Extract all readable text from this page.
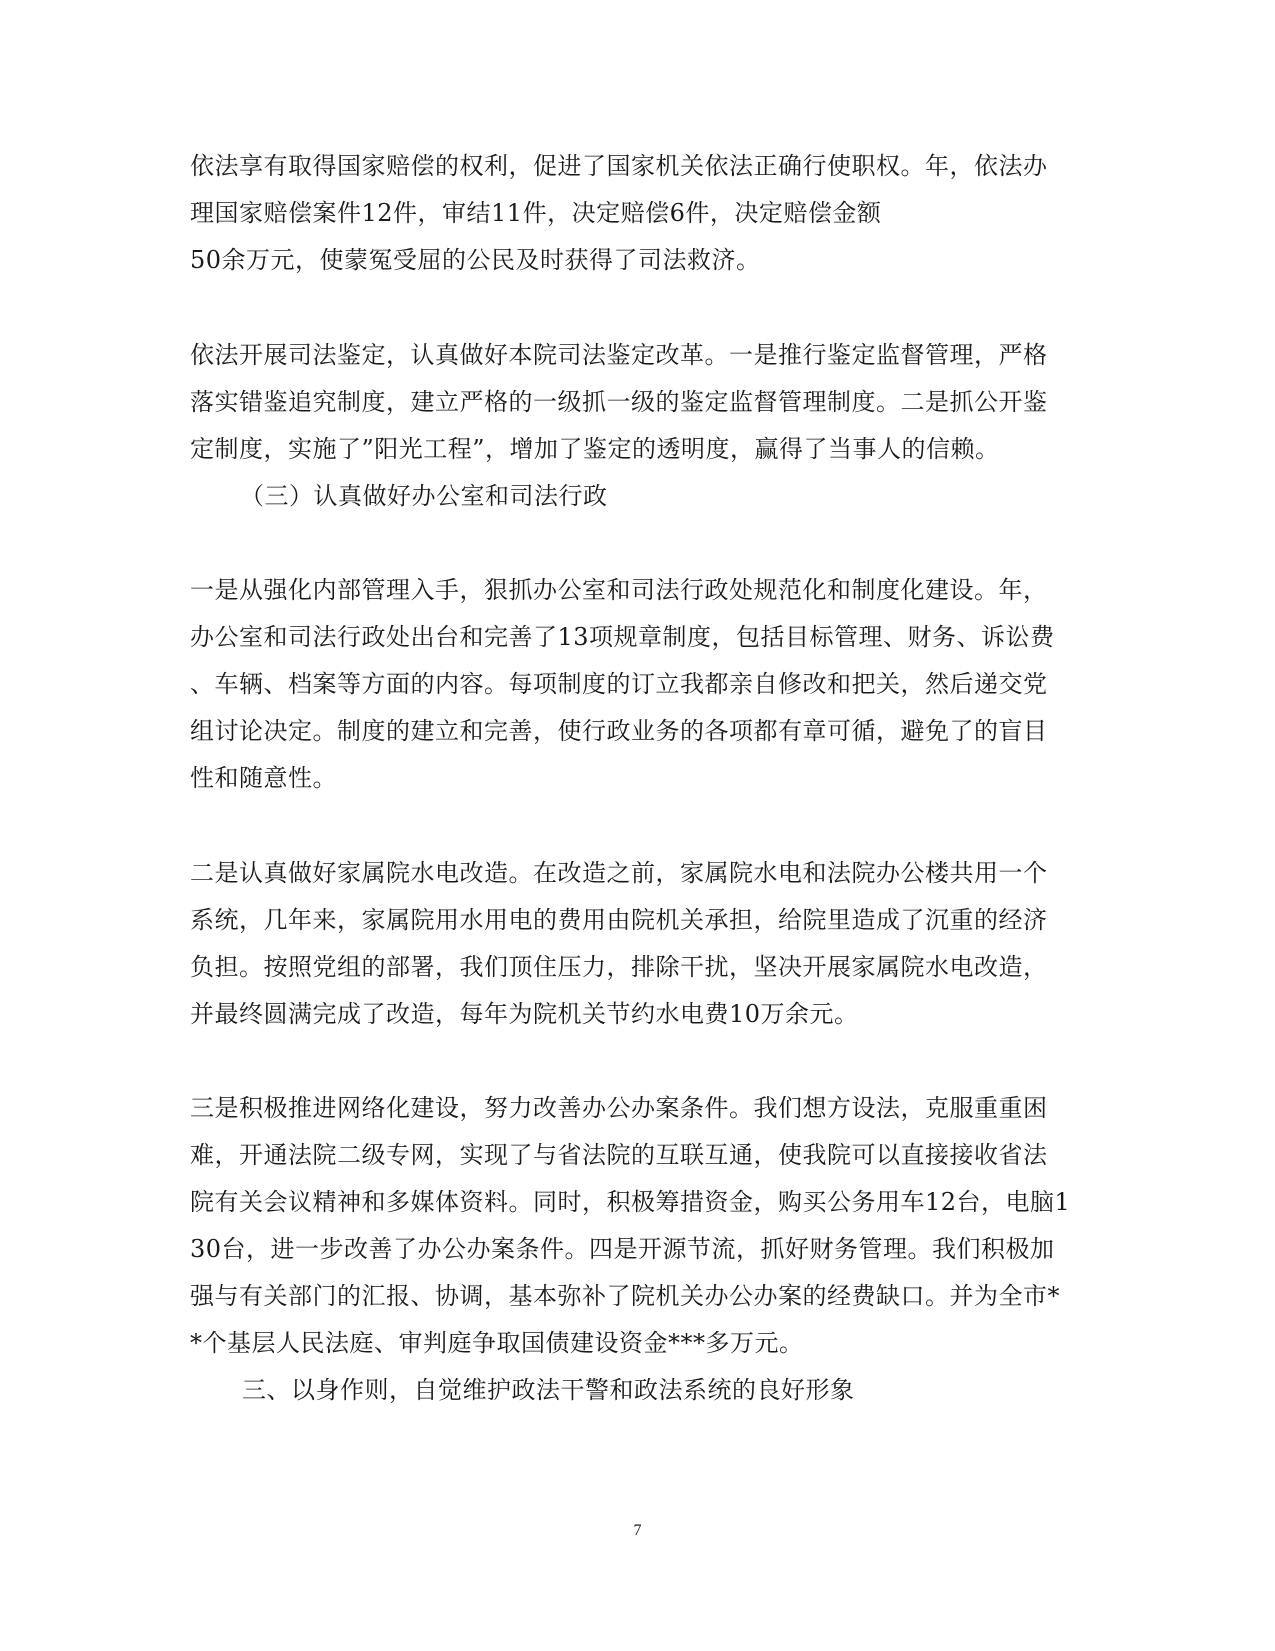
依法享有取得国家赔偿的权利，促进了国家机关依法正确行使职权。年，依法办
理国家赔偿案件12件，审结11件，决定赔偿6件，决定赔偿金额
50余万元，使蒙冤受屈的公民及时获得了司法救济。
依法开展司法鉴定，认真做好本院司法鉴定改革。一是推行鉴定监督管理，严格
落实错鉴追究制度，建立严格的一级抓一级的鉴定监督管理制度。二是抓公开鉴
定制度，实施了”阳光工程”，增加了鉴定的透明度，赢得了当事人的信赖。
（三）认真做好办公室和司法行政
一是从强化内部管理入手，狠抓办公室和司法行政处规范化和制度化建设。年，
办公室和司法行政处出台和完善了13项规章制度，包括目标管理、财务、诉讼费
、车辆、档案等方面的内容。每项制度的订立我都亲自修改和把关，然后递交党
组讨论决定。制度的建立和完善，使行政业务的各项都有章可循，避免了的盲目
性和随意性。
二是认真做好家属院水电改造。在改造之前，家属院水电和法院办公楼共用一个
系统，几年来，家属院用水用电的费用由院机关承担，给院里造成了沉重的经济
负担。按照党组的部署，我们顶住压力，排除干扰，坚决开展家属院水电改造，
并最终圆满完成了改造，每年为院机关节约水电费10万余元。
三是积极推进网络化建设，努力改善办公办案条件。我们想方设法，克服重重困
难，开通法院二级专网，实现了与省法院的互联互通，使我院可以直接接收省法
院有关会议精神和多媒体资料。同时，积极筹措资金，购买公务用车12台，电脑1
30台，进一步改善了办公办案条件。四是开源节流，抓好财务管理。我们积极加
强与有关部门的汇报、协调，基本弥补了院机关办公办案的经费缺口。并为全市*
*个基层人民法庭、审判庭争取国债建设资金***多万元。
三、以身作则，自觉维护政法干警和政法系统的良好形象
7
